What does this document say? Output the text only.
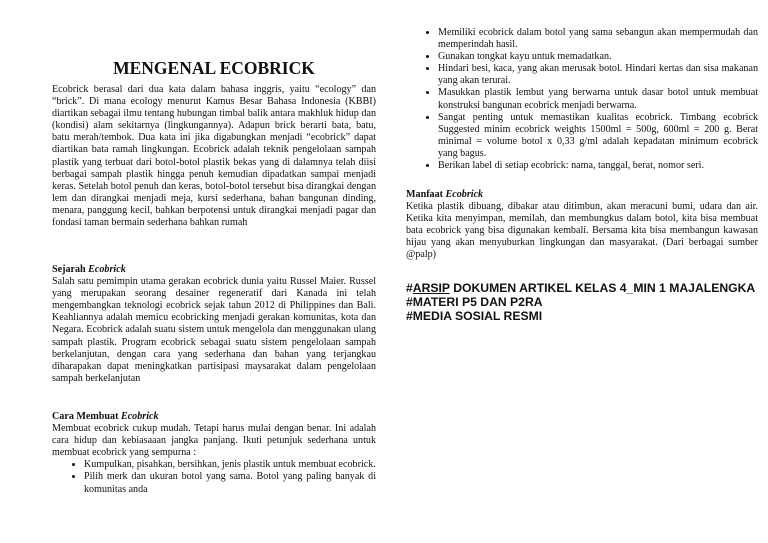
MENGENAL ECOBRICK

Ecobrick berasal dari dua kata dalam bahasa inggris, yaitu “ecology” dan “brick”. Di mana ecology menurut Kamus Besar Bahasa Indonesia (KBBI) diartikan sebagai ilmu tentang hubungan timbal balik antara makhluk hidup dan (kondisi) alam sekitarnya (lingkungannya). Adapun brick berarti bata, batu, batu merah/tembok. Dua kata ini jika digabungkan menjadi “ecobrick” dapat diartikan bata ramah lingkungan. Ecobrick adalah teknik pengelolaan sampah plastik yang terbuat dari botol-botol plastik bekas yang di dalamnya telah diisi berbagai sampah plastik hingga penuh kemudian dipadatkan sampai menjadi keras. Setelah botol penuh dan keras, botol-botol tersebut bisa dirangkai dengan lem dan dirangkai menjadi meja, kursi sederhana, bahan bangunan dinding, menara, panggung kecil, bahkan berpotensi untuk dirangkai menjadi pagar dan fondasi taman bermain sederhana bahkan rumah

Sejarah Ecobrick

Salah satu pemimpin utama gerakan ecobrick dunia yaitu Russel Maier. Russel yang merupakan seorang desainer regeneratif dari Kanada ini telah mengembangkan teknologi ecobrick sejak tahun 2012 di Philippines dan Bali. Keahliannya adalah memicu ecobricking menjadi gerakan komunitas, kota dan Negara. Ecobrick adalah suatu sistem untuk mengelola dan menggunakan ulang sampah plastik. Program ecobrick sebagai suatu sistem pengelolaan sampah berkelanjutan, dengan cara yang sederhana dan bahan yang terjangkau diharapakan dapat meningkatkan partisipasi maysarakat dalam pengelolaan sampah berkelanjutan

Cara Membuat Ecobrick

Membuat ecobrick cukup mudah. Tetapi harus mulai dengan benar. Ini adalah cara hidup dan kebiasaaan jangka panjang. Ikuti petunjuk sederhana untuk membuat ecobrick yang sempurna :

• Kumpulkan, pisahkan, bersihkan, jenis plastik untuk membuat ecobrick.
• Pilih merk dan ukuran botol yang sama. Botol yang paling banyak di komunitas anda
• Memiliki ecobrick dalam botol yang sama sebangun akan mempermudah dan memperindah hasil.
• Gunakan tongkat kayu untuk memadatkan.
• Hindari besi, kaca, yang akan merusak botol. Hindari kertas dan sisa makanan yang akan terurai.
• Masukkan plastik lembut yang berwarna untuk dasar botol untuk membuat konstruksi bangunan ecobrick menjadi berwarna.
• Sangat penting untuk memastikan kualitas ecobrick. Timbang ecobrick Suggested minim ecobrick weights 1500ml = 500g, 600ml = 200 g. Berat minimal = volume botol x 0,33 g/ml adalah kepadatan minimum ecobrick yang bagus.
• Berikan label di setiap ecobrick: nama, tanggal, berat, nomor seri.

Manfaat Ecobrick

Ketika plastik dibuang, dibakar atau ditimbun, akan meracuni bumi, udara dan air. Ketika kita menyimpan, memilah, dan membungkus dalam botol, kita bisa membuat bata ecobrick yang bisa digunakan kembali. Bersama kita bisa membangun kawasan hijau yang akan menyuburkan lingkungan dan masyarakat. (Dari berbagai sumber @palp)

#ARSIP DOKUMEN ARTIKEL KELAS 4_MIN 1 MAJALENGKA
#MATERI P5 DAN P2RA
#MEDIA SOSIAL RESMI
